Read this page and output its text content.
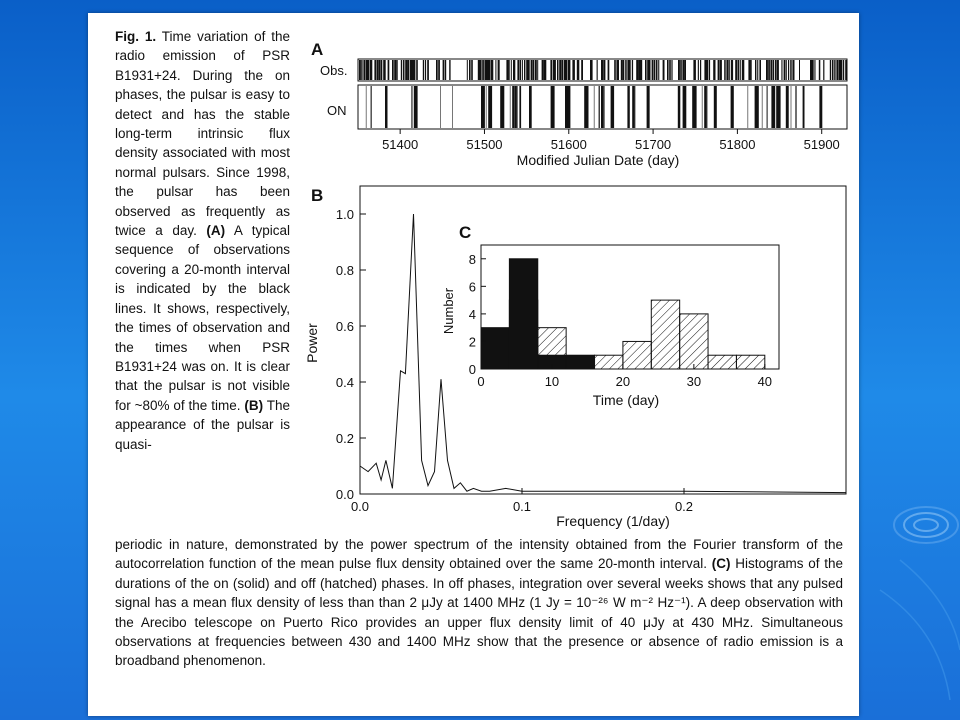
Fig. 1. Time variation of the radio emission of PSR B1931+24. During the on phases, the pulsar is easy to detect and has the stable long-term intrinsic flux density associated with most normal pulsars. Since 1998, the pulsar has been observed as frequently as twice a day. (A) A typical sequence of observations covering a 20-month interval is indicated by the black lines. It shows, respectively, the times of observation and the times when PSR B1931+24 was on. It is clear that the pulsar is not visible for ~80% of the time. (B) The appearance of the pulsar is quasi-
periodic in nature, demonstrated by the power spectrum of the intensity obtained from the Fourier transform of the autocorrelation function of the mean pulse flux density obtained over the same 20-month interval. (C) Histograms of the durations of the on (solid) and off (hatched) phases. In off phases, integration over several weeks shows that any pulsed signal has a mean flux density of less than than 2 μJy at 1400 MHz (1 Jy = 10⁻²⁶ W m⁻² Hz⁻¹). A deep observation with the Arecibo telescope on Puerto Rico provides an upper flux density limit of 40 μJy at 430 MHz. Simultaneous observations at frequencies between 430 and 1400 MHz show that the presence or absence of radio emission is a broadband phenomenon.
A
Obs.
ON
51400	51500	51600	51700	51800	51900
Modified Julian Date (day)
B
0.0
0.2
0.4
0.6
0.8
1.0
0.0	0.1	0.2
Power
Frequency (1/day)
C
0
2
4
6
8
0	10	20	30	40
Number
Time (day)
